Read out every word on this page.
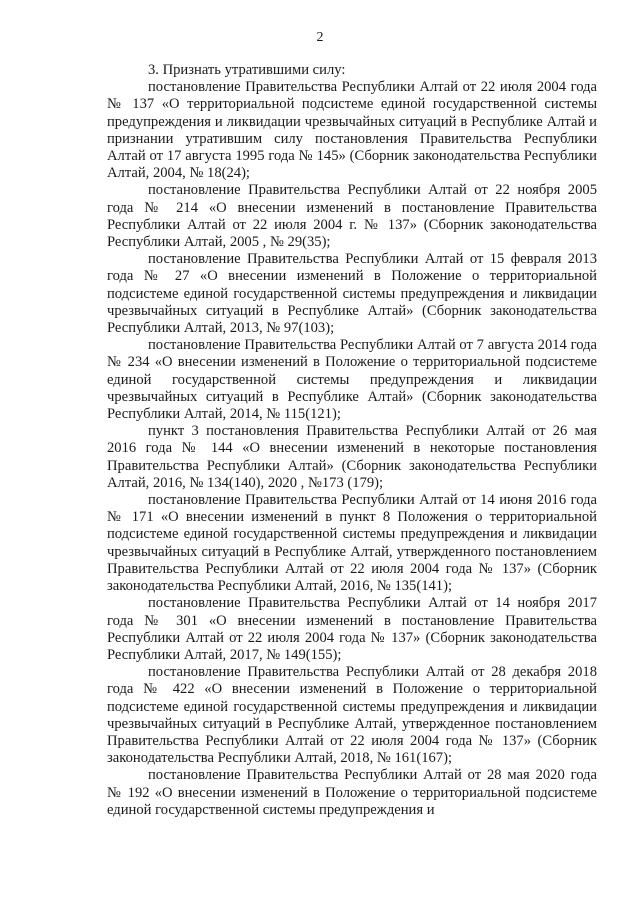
2

3. Признать утратившими силу:

постановление Правительства Республики Алтай от 22 июля 2004 года № 137 «О территориальной подсистеме единой государственной системы предупреждения и ликвидации чрезвычайных ситуаций в Республике Алтай и признании утратившим силу постановления Правительства Республики Алтай от 17 августа 1995 года № 145» (Сборник законодательства Республики Алтай, 2004, № 18(24);

постановление Правительства Республики Алтай от 22 ноября 2005 года № 214 «О внесении изменений в постановление Правительства Республики Алтай от 22 июля 2004 г. № 137» (Сборник законодательства Республики Алтай, 2005 , № 29(35);

постановление Правительства Республики Алтай от 15 февраля 2013 года № 27 «О внесении изменений в Положение о территориальной подсистеме единой государственной системы предупреждения и ликвидации чрезвычайных ситуаций в Республике Алтай» (Сборник законодательства Республики Алтай, 2013, № 97(103);

постановление Правительства Республики Алтай от 7 августа 2014 года № 234 «О внесении изменений в Положение о территориальной подсистеме единой государственной системы предупреждения и ликвидации чрезвычайных ситуаций в Республике Алтай» (Сборник законодательства Республики Алтай, 2014, № 115(121);

пункт 3 постановления Правительства Республики Алтай от 26 мая 2016 года № 144 «О внесении изменений в некоторые постановления Правительства Республики Алтай» (Сборник законодательства Республики Алтай, 2016, № 134(140), 2020 , №173 (179);

постановление Правительства Республики Алтай от 14 июня 2016 года № 171 «О внесении изменений в пункт 8 Положения о территориальной подсистеме единой государственной системы предупреждения и ликвидации чрезвычайных ситуаций в Республике Алтай, утвержденного постановлением Правительства Республики Алтай от 22 июля 2004 года № 137» (Сборник законодательства Республики Алтай, 2016, № 135(141);

постановление Правительства Республики Алтай от 14 ноября 2017 года № 301 «О внесении изменений в постановление Правительства Республики Алтай от 22 июля 2004 года № 137» (Сборник законодательства Республики Алтай, 2017, № 149(155);

постановление Правительства Республики Алтай от 28 декабря 2018 года № 422 «О внесении изменений в Положение о территориальной подсистеме единой государственной системы предупреждения и ликвидации чрезвычайных ситуаций в Республике Алтай, утвержденное постановлением Правительства Республики Алтай от 22 июля 2004 года № 137» (Сборник законодательства Республики Алтай, 2018, № 161(167);

постановление Правительства Республики Алтай от 28 мая 2020 года № 192 «О внесении изменений в Положение о территориальной подсистеме единой государственной системы предупреждения и
